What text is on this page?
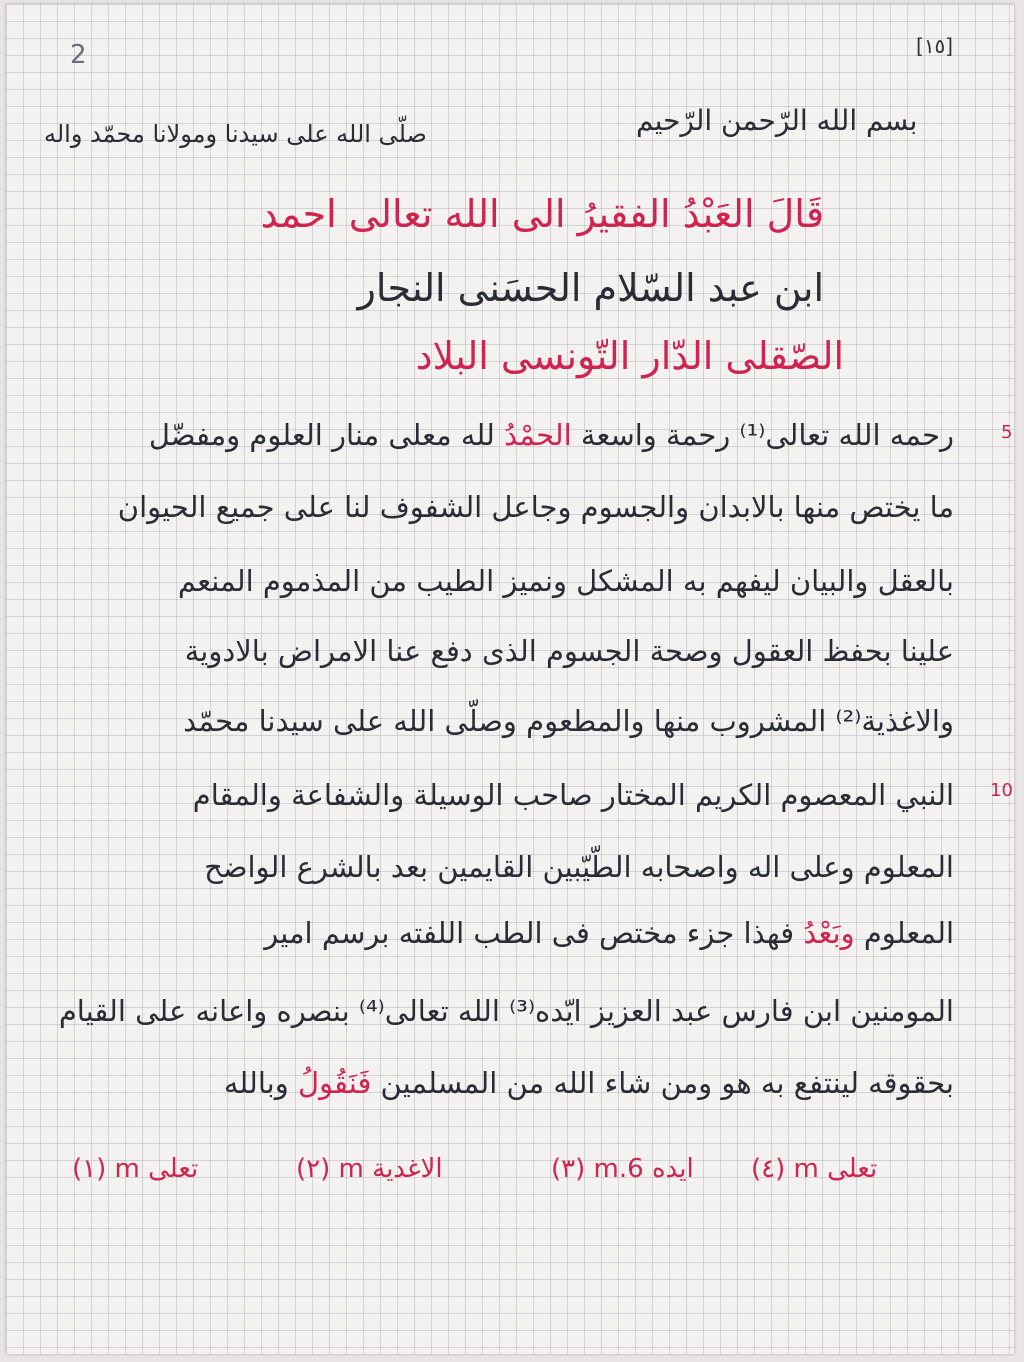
2	[١٥]
بسم الله الرّحمن الرّحيم
صلّى الله على سيدنا ومولانا محمّد واله
قَالَ العَبْدُ الفقيرُ الى الله تعالى احمد
ابن عبد السّلام الحسَنى النجار
الصّقلى الدّار التّونسى البلاد
5
10
رحمه الله تعالى⁽¹⁾ رحمة واسعة الحمْدُ لله معلى منار العلوم ومفضّل
ما يختص منها بالابدان والجسوم وجاعل الشفوف لنا على جميع الحيوان
بالعقل والبيان ليفهم به المشكل ونميز الطيب من المذموم المنعم
علينا بحفظ العقول وصحة الجسوم الذى دفع عنا الامراض بالادوية
والاغذية⁽²⁾ المشروب منها والمطعوم وصلّى الله على سيدنا محمّد
النبي المعصوم الكريم المختار صاحب الوسيلة والشفاعة والمقام
المعلوم وعلى اله واصحابه الطّيّبين القايمين بعد بالشرع الواضح
المعلوم وبَعْدُ فهذا جزء مختص فى الطب اللفته برسم امير
المومنين ابن فارس عبد العزيز ايّده⁽³⁾ الله تعالى⁽⁴⁾ بنصره واعانه على القيام
بحقوقه لينتفع به هو ومن شاء الله من المسلمين فَنَقُولُ وبالله
(١) m تعلى	(٢) m الاغدية	(٣) m.6 ايده (٤) m تعلى
